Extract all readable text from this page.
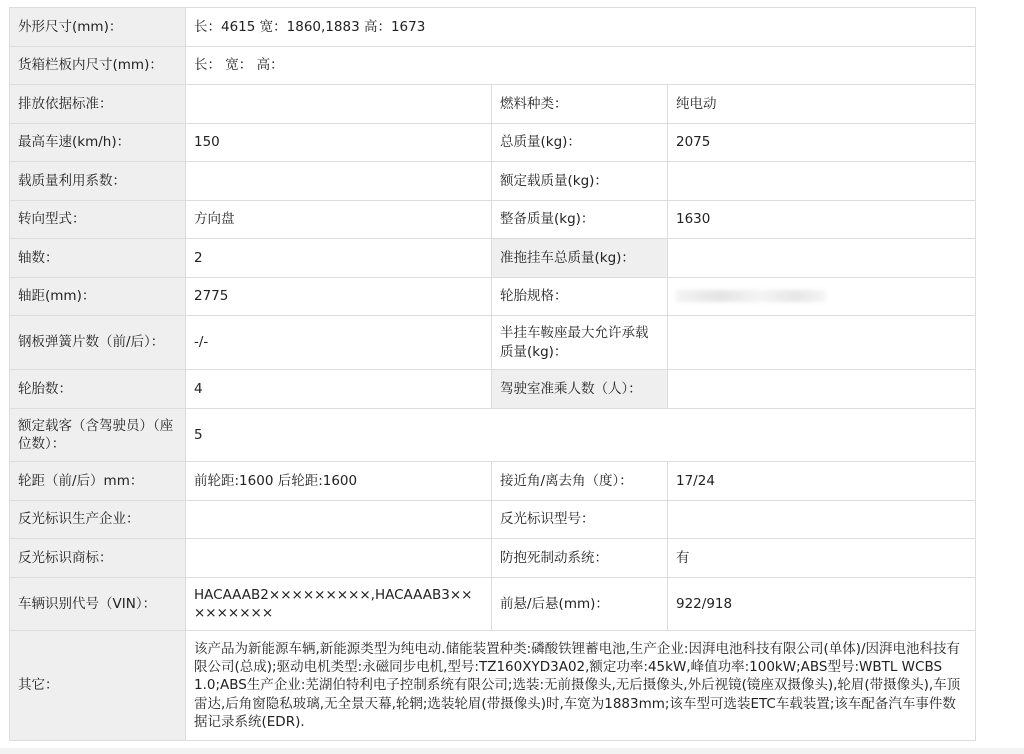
外形尺寸(mm)：	长：4615 宽：1860,1883 高：1673		
货箱栏板内尺寸(mm)：	长： 宽： 高：		
排放依据标准：		燃料种类：	纯电动
最高车速(km/h)：	150	总质量(kg)：	2075
载质量利用系数：		额定载质量(kg)：	
转向型式：	方向盘	整备质量(kg)：	1630
轴数：	2	准拖挂车总质量(kg)：	
轴距(mm)：	2775	轮胎规格：	
钢板弹簧片数（前/后）：	-/-	半挂车鞍座最大允许承载质量(kg)：	
轮胎数：	4	驾驶室准乘人数（人）：	
额定载客（含驾驶员）（座位数）：	5		
轮距（前/后）mm：	前轮距:1600 后轮距:1600	接近角/离去角（度）：	17/24
反光标识生产企业：		反光标识型号：	
反光标识商标：		防抱死制动系统：	有
车辆识别代号（VIN）：	HACAAAB2×××××××××,HACAAAB3×××××××××	前悬/后悬(mm)：	922/918
其它：	该产品为新能源车辆,新能源类型为纯电动.储能装置种类:磷酸铁锂蓄电池,生产企业:因湃电池科技有限公司(单体)/因湃电池科技有限公司(总成);驱动电机类型:永磁同步电机,型号:TZ160XYD3A02,额定功率:45kW,峰值功率:100kW;ABS型号:WBTL WCBS 1.0;ABS生产企业:芜湖伯特利电子控制系统有限公司;选装:无前摄像头,无后摄像头,外后视镜(镜座双摄像头),轮眉(带摄像头),车顶雷达,后角窗隐私玻璃,无全景天幕,轮辋;选装轮眉(带摄像头)时,车宽为1883mm;该车型可选装ETC车载装置;该车配备汽车事件数据记录系统(EDR).		
